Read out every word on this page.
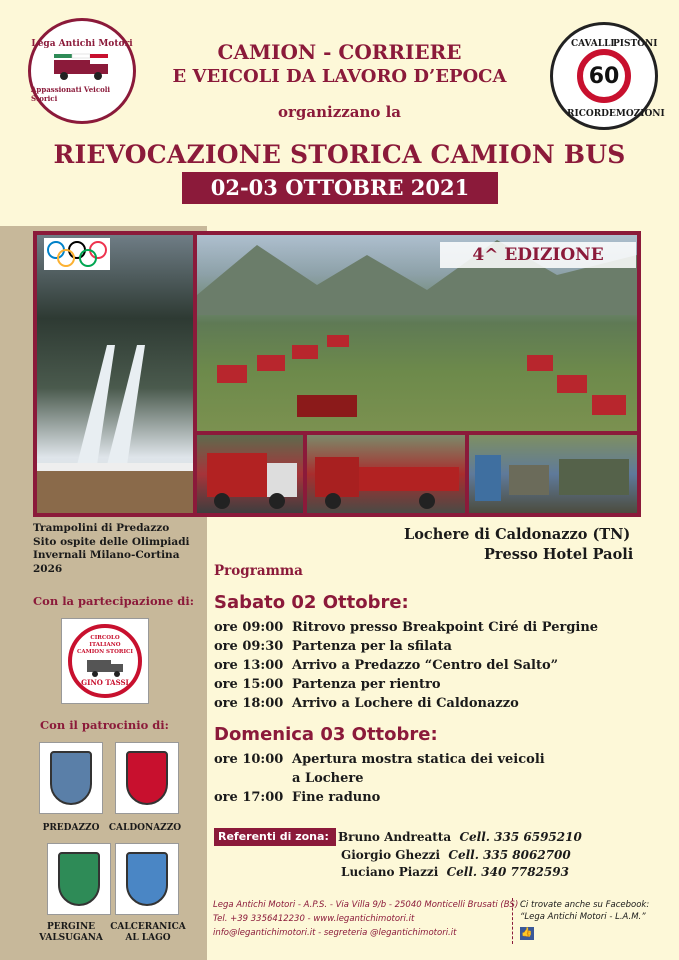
Lega Antichi Motori
Appassionati Veicoli Storici
CAVALLI
PISTONI
RICORDI
EMOZIONI
60
CAMION - CORRIERE
E VEICOLI DA LAVORO D’EPOCA
organizzano la
RIEVOCAZIONE STORICA CAMION BUS
02-03 OTTOBRE 2021
4^ EDIZIONE
Trampolini di Predazzo
Sito ospite delle Olimpiadi
Invernali Milano-Cortina
2026
Con la partecipazione di:
CIRCOLO ITALIANO CAMION STORICI
GINO TASSI
Con il patrocinio di:
PREDAZZO	CALDONAZZO
PERGINE VALSUGANA
CALCERANICA AL LAGO
Lochere di Caldonazzo (TN)
Presso Hotel Paoli
Programma
Sabato 02 Ottobre:
ore 09:00 Ritrovo presso Breakpoint Ciré di Pergine
ore 09:30 Partenza per la sfilata
ore 13:00 Arrivo a Predazzo “Centro del Salto”
ore 15:00 Partenza per rientro
ore 18:00 Arrivo a Lochere di Caldonazzo
Domenica 03 Ottobre:
ore 10:00 Apertura mostra statica dei veicoli
a Lochere
ore 17:00 Fine raduno
Referenti di zona: Bruno Andreatta Cell. 335 6595210
Giorgio Ghezzi Cell. 335 8062700
Luciano Piazzi Cell. 340 7782593
Lega Antichi Motori - A.P.S. - Via Villa 9/b - 25040 Monticelli Brusati (BS)
Tel. +39 3356412230 - www.legantichimotori.it
info@legantichimotori.it - segreteria @legantichimotori.it
Ci trovate anche su Facebook:
“Lega Antichi Motori - L.A.M.”
👍
